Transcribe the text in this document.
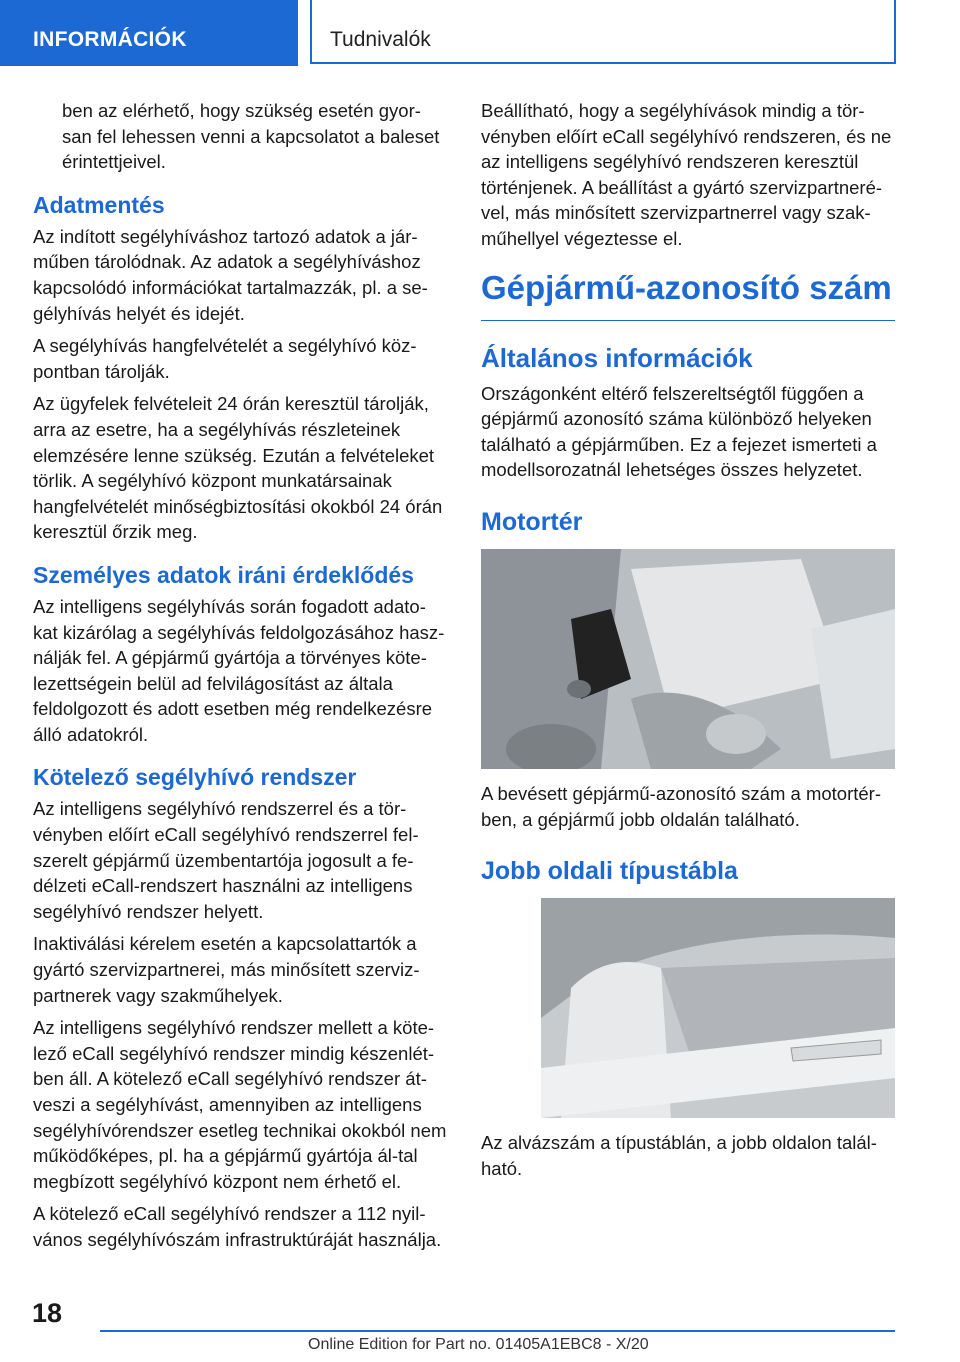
INFORMÁCIÓK	Tudnivalók

ben az elérhető, hogy szükség esetén gyor-san fel lehessen venni a kapcsolatot a baleset érintettjeivel.

Adatmentés

Az indított segélyhíváshoz tartozó adatok a jár-műben tárolódnak. Az adatok a segélyhíváshoz kapcsolódó információkat tartalmazzák, pl. a se-gélyhívás helyét és idejét.

A segélyhívás hangfelvételét a segélyhívó köz-pontban tárolják.

Az ügyfelek felvételeit 24 órán keresztül tárolják, arra az esetre, ha a segélyhívás részleteinek elemzésére lenne szükség. Ezután a felvételeket törlik. A segélyhívó központ munkatársainak hangfelvételét minőségbiztosítási okokból 24 órán keresztül őrzik meg.

Személyes adatok iráni érdeklődés

Az intelligens segélyhívás során fogadott adato-kat kizárólag a segélyhívás feldolgozásához hasz-nálják fel. A gépjármű gyártója a törvényes köte-lezettségein belül ad felvilágosítást az általa feldolgozott és adott esetben még rendelkezésre álló adatokról.

Kötelező segélyhívó rendszer

Az intelligens segélyhívó rendszerrel és a tör-vényben előírt eCall segélyhívó rendszerrel fel-szerelt gépjármű üzembentartója jogosult a fe-délzeti eCall-rendszert használni az intelligens segélyhívó rendszer helyett.

Inaktiválási kérelem esetén a kapcsolattartók a gyártó szervizpartnerei, más minősített szerviz-partnerek vagy szakműhelyek.

Az intelligens segélyhívó rendszer mellett a köte-lező eCall segélyhívó rendszer mindig készenlét-ben áll. A kötelező eCall segélyhívó rendszer át-veszi a segélyhívást, amennyiben az intelligens segélyhívórendszer esetleg technikai okokból nem működőképes, pl. ha a gépjármű gyártója ál-tal megbízott segélyhívó központ nem érhető el.

A kötelező eCall segélyhívó rendszer a 112 nyil-vános segélyhívószám infrastruktúráját használja.

Beállítható, hogy a segélyhívások mindig a tör-vényben előírt eCall segélyhívó rendszeren, és ne az intelligens segélyhívó rendszeren keresztül történjenek. A beállítást a gyártó szervizpartneré-vel, más minősített szervizpartnerrel vagy szak-műhellyel végeztesse el.

Gépjármű-azonosító szám
Általános információk

Országonként eltérő felszereltségtől függően a gépjármű azonosító száma különböző helyeken található a gépjárműben. Ez a fejezet ismerteti a modellsorozatnál lehetséges összes helyzetet.

Motortér

A bevésett gépjármű-azonosító szám a motortér-ben, a gépjármű jobb oldalán található.

Jobb oldali típustábla

Az alvázszám a típustáblán, a jobb oldalon talál-ható.

18
Online Edition for Part no. 01405A1EBC8 - X/20
